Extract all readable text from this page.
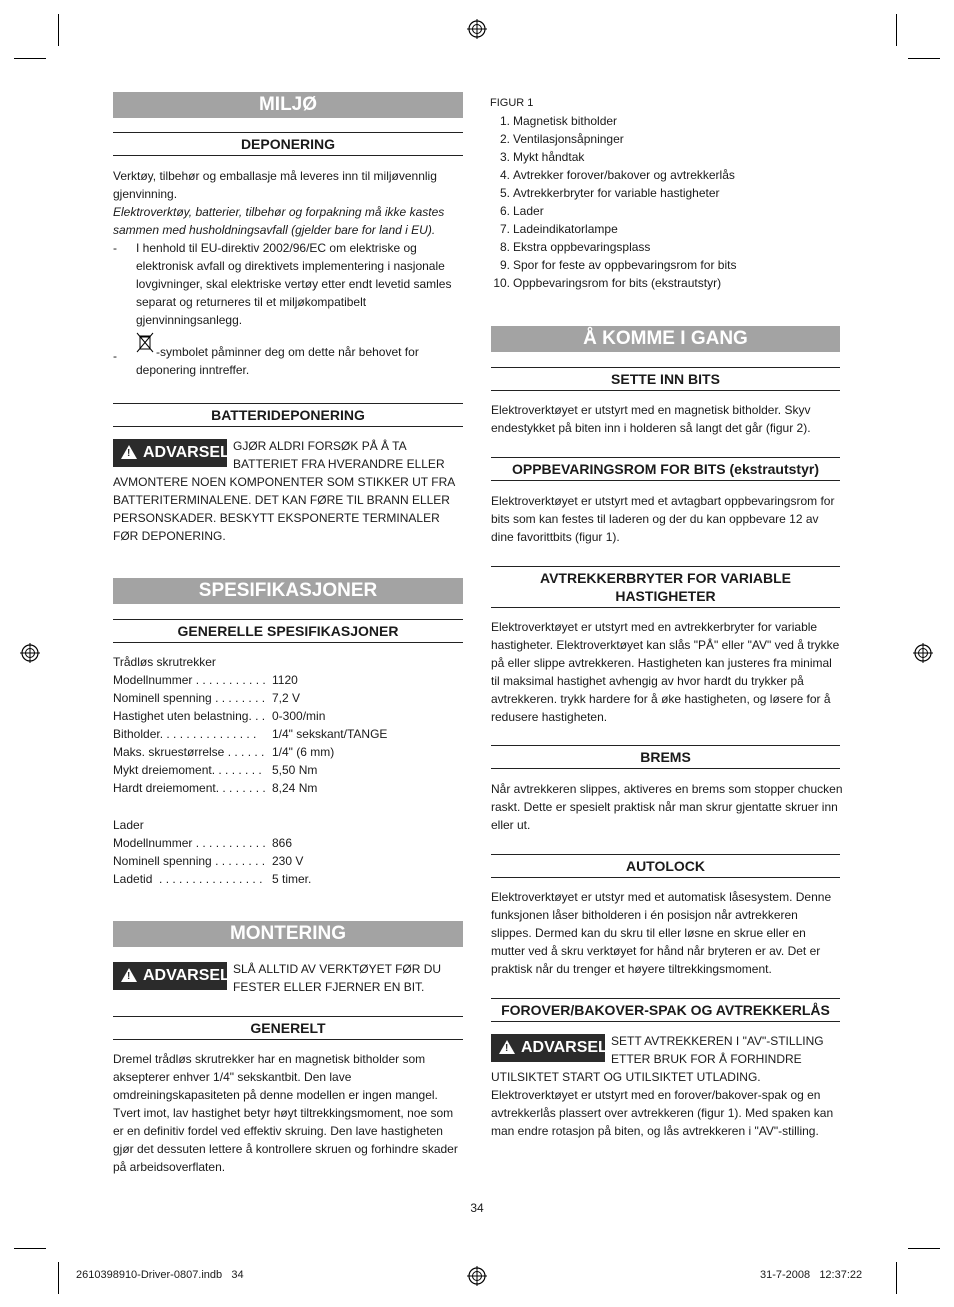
MILJØ
DEPONERING
Verktøy, tilbehør og emballasje må leveres inn til miljøvennlig gjenvinning.
Elektroverktøy, batterier, tilbehør og forpakning må ikke kastes sammen med husholdningsavfall (gjelder bare for land i EU).
- I henhold til EU-direktiv 2002/96/EC om elektriske og elektronisk avfall og direktivets implementering i nasjonale lovgivninger, skal elektriske vertøy etter endt levetid samles separat og returneres til et miljøkompatibelt gjenvinningsanlegg.
-	-symbolet påminner deg om dette når behovet for deponering inntreffer.
BATTERIDEPONERING
! ADVARSEL GJØR ALDRI FORSØK PÅ Å TA BATTERIET FRA HVERANDRE ELLER AVMONTERE NOEN KOMPONENTER SOM STIKKER UT FRA BATTERITERMINALENE. DET KAN FØRE TIL BRANN ELLER PERSONSKADER. BESKYTT EKSPONERTE TERMINALER FØR DEPONERING.
SPESIFIKASJONER
GENERELLE SPESIFIKASJONER
Trådløs skrutrekker
Modellnummer . . . . . . . . . . . 1120
Nominell spenning . . . . . . . . 7,2 V
Hastighet uten belastning. . . 0-300/min
Bitholder. . . . . . . . . . . . . . . 1/4" sekskant/TANGE
Maks. skruestørrelse . . . . . . 1/4" (6 mm)
Mykt dreiemoment. . . . . . . . 5,50 Nm
Hardt dreiemoment. . . . . . . . 8,24 Nm
Lader
Modellnummer . . . . . . . . . . . 866
Nominell spenning . . . . . . . . 230 V
Ladetid  . . . . . . . . . . . . . . . . 5 timer.
MONTERING
! ADVARSEL SLÅ ALLTID AV VERKTØYET FØR DU FESTER ELLER FJERNER EN BIT.
GENERELT
Dremel trådløs skrutrekker har en magnetisk bitholder som aksepterer enhver 1/4" sekskantbit. Den lave omdreiningskapasiteten på denne modellen er ingen mangel. Tvert imot, lav hastighet betyr høyt tiltrekkingsmoment, noe som er en definitiv fordel ved effektiv skruing. Den lave hastigheten gjør det dessuten lettere å kontrollere skruen og forhindre skader på arbeidsoverflaten.
FIGUR 1
1. Magnetisk bitholder
2. Ventilasjonsåpninger
3. Mykt håndtak
4. Avtrekker forover/bakover og avtrekkerlås
5. Avtrekkerbryter for variable hastigheter
6. Lader
7. Ladeindikatorlampe
8. Ekstra oppbevaringsplass
9. Spor for feste av oppbevaringsrom for bits
10. Oppbevaringsrom for bits (ekstrautstyr)
Å KOMME I GANG
SETTE INN BITS
Elektroverktøyet er utstyrt med en magnetisk bitholder. Skyv endestykket på biten inn i holderen så langt det går (figur 2).
OPPBEVARINGSROM FOR BITS (ekstrautstyr)
Elektroverktøyet er utstyrt med et avtagbart oppbevaringsrom for bits som kan festes til laderen og der du kan oppbevare 12 av dine favorittbits (figur 1).
AVTREKKERBRYTER FOR VARIABLE HASTIGHETER
Elektroverktøyet er utstyrt med en avtrekkerbryter for variable hastigheter. Elektroverktøyet kan slås "PÅ" eller "AV" ved å trykke på eller slippe avtrekkeren. Hastigheten kan justeres fra minimal til maksimal hastighet avhengig av hvor hardt du trykker på avtrekkeren. trykk hardere for å øke hastigheten, og løsere for å redusere hastigheten.
BREMS
Når avtrekkeren slippes, aktiveres en brems som stopper chucken raskt. Dette er spesielt praktisk når man skrur gjentatte skruer inn eller ut.
AUTOLOCK
Elektroverktøyet er utstyr med et automatisk låsesystem. Denne funksjonen låser bitholderen i én posisjon når avtrekkeren slippes. Dermed kan du skru til eller løsne en skrue eller en mutter ved å skru verktøyet for hånd når bryteren er av. Det er praktisk når du trenger et høyere tiltrekkingsmoment.
FOROVER/BAKOVER-SPAK OG AVTREKKERLÅS
! ADVARSEL SETT AVTREKKEREN I "AV"-STILLING ETTER BRUK FOR Å FORHINDRE UTILSIKTET START OG UTILSIKTET UTLADING.
Elektroverktøyet er utstyrt med en forover/bakover-spak og en avtrekkerlås plassert over avtrekkeren (figur 1). Med spaken kan man endre rotasjon på biten, og lås avtrekkeren i "AV"-stilling.
34
2610398910-Driver-0807.indb   34	31-7-2008   12:37:22
